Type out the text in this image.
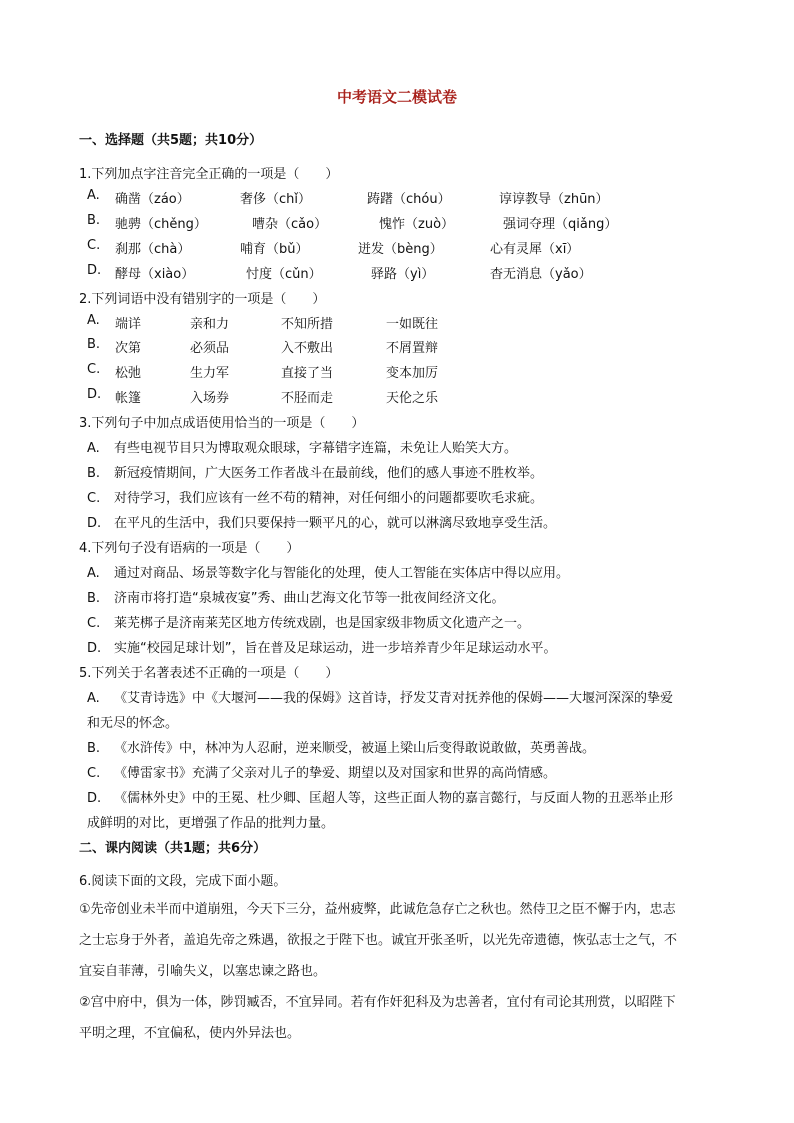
中考语文二模试卷
一、选择题（共5题；共10分）
1.下列加点字注音完全正确的一项是（　　）
A. 确凿（záo）	奢侈（chǐ）	踌躇（chóu）	谆谆教导（zhūn）
B. 驰骋（chěng）	嘈杂（cǎo）	愧怍（zuò）	强词夺理（qiǎng）
C. 刹那（chà）	哺育（bǔ）	迸发（bèng）	心有灵犀（xī）
D. 酵母（xiào）	忖度（cǔn）	驿路（yì）	杳无消息（yǎo）
2.下列词语中没有错别字的一项是（　　）
A. 端详	亲和力	不知所措	一如既往
B. 次第	必须品	入不敷出	不屑置辩
C. 松弛	生力军	直接了当	变本加厉
D. 帐篷	入场券	不胫而走	天伦之乐
3.下列句子中加点成语使用恰当的一项是（　　）
A. 有些电视节目只为博取观众眼球，字幕错字连篇，未免让人贻笑大方。
B. 新冠疫情期间，广大医务工作者战斗在最前线，他们的感人事迹不胜枚举。
C. 对待学习，我们应该有一丝不苟的精神，对任何细小的问题都要吹毛求疵。
D. 在平凡的生活中，我们只要保持一颗平凡的心，就可以淋漓尽致地享受生活。
4.下列句子没有语病的一项是（　　）
A. 通过对商品、场景等数字化与智能化的处理，使人工智能在实体店中得以应用。
B. 济南市将打造“泉城夜宴”秀、曲山艺海文化节等一批夜间经济文化。
C. 莱芜梆子是济南莱芜区地方传统戏剧，也是国家级非物质文化遗产之一。
D. 实施“校园足球计划”，旨在普及足球运动，进一步培养青少年足球运动水平。
5.下列关于名著表述不正确的一项是（　　）
A. 《艾青诗选》中《大堰河——我的保姆》这首诗，抒发艾青对抚养他的保姆——大堰河深深的挚爱
和无尽的怀念。
B. 《水浒传》中，林冲为人忍耐，逆来顺受，被逼上梁山后变得敢说敢做，英勇善战。
C. 《傅雷家书》充满了父亲对儿子的挚爱、期望以及对国家和世界的高尚情感。
D. 《儒林外史》中的王冕、杜少卿、匡超人等，这些正面人物的嘉言懿行，与反面人物的丑恶举止形
成鲜明的对比，更增强了作品的批判力量。
二、课内阅读（共1题；共6分）
6.阅读下面的文段，完成下面小题。
①先帝创业未半而中道崩殂，今天下三分，益州疲弊，此诚危急存亡之秋也。然侍卫之臣不懈于内，忠志
之士忘身于外者，盖追先帝之殊遇，欲报之于陛下也。诚宜开张圣听，以光先帝遗德，恢弘志士之气，不
宜妄自菲薄，引喻失义，以塞忠谏之路也。
②宫中府中，俱为一体，陟罚臧否，不宜异同。若有作奸犯科及为忠善者，宜付有司论其刑赏，以昭陛下
平明之理，不宜偏私，使内外异法也。
